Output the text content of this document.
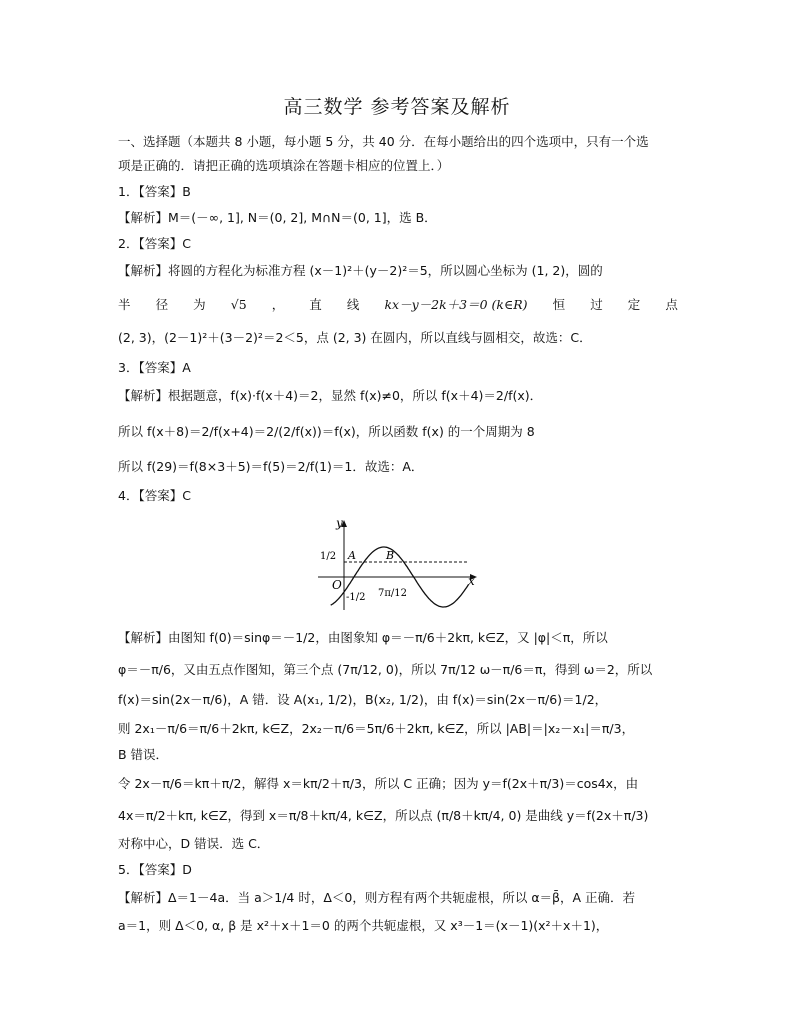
高三数学 参考答案及解析
一、选择题（本题共 8 小题，每小题 5 分，共 40 分．在每小题给出的四个选项中，只有一个选
项是正确的．请把正确的选项填涂在答题卡相应的位置上．）
1．【答案】B
【解析】M＝(－∞, 1], N＝(0, 2], M∩N＝(0, 1]，选 B．
2．【答案】C
【解析】将圆的方程化为标准方程 (x－1)²＋(y－2)²＝5，所以圆心坐标为 (1, 2)，圆的
半 径 为 √5 ， 直 线 kx－y－2k＋3＝0 (k∈R) 恒 过 定 点
(2, 3)，(2－1)²＋(3－2)²＝2＜5，点 (2, 3) 在圆内，所以直线与圆相交，故选：C．
3．【答案】A
【解析】根据题意，f(x)·f(x＋4)＝2，显然 f(x)≠0，所以 f(x＋4)＝2/f(x)．
所以 f(x＋8)＝2/f(x+4)＝2/(2/f(x))＝f(x)，所以函数 f(x) 的一个周期为 8
所以 f(29)＝f(8×3＋5)＝f(5)＝2/f(1)＝1．故选：A．
4．【答案】C
y
x
O
1/2
-1/2 7π/12
A	B
【解析】由图知 f(0)＝sinφ＝－1/2，由图象知 φ＝－π/6＋2kπ, k∈Z，又 |φ|＜π，所以
φ＝－π/6，又由五点作图知，第三个点 (7π/12, 0)，所以 7π/12 ω－π/6＝π，得到 ω＝2，所以
f(x)＝sin(2x－π/6)，A 错．设 A(x₁, 1/2)，B(x₂, 1/2)，由 f(x)＝sin(2x－π/6)＝1/2，
则 2x₁－π/6＝π/6＋2kπ, k∈Z，2x₂－π/6＝5π/6＋2kπ, k∈Z，所以 |AB|＝|x₂－x₁|＝π/3，
B 错误．
令 2x－π/6＝kπ＋π/2，解得 x＝kπ/2＋π/3，所以 C 正确；因为 y＝f(2x＋π/3)＝cos4x，由
4x＝π/2＋kπ, k∈Z，得到 x＝π/8＋kπ/4, k∈Z，所以点 (π/8＋kπ/4, 0) 是曲线 y＝f(2x＋π/3)
对称中心，D 错误．选 C．
5．【答案】D
【解析】Δ＝1－4a．当 a＞1/4 时，Δ＜0，则方程有两个共轭虚根，所以 α＝β̄，A 正确．若
a＝1，则 Δ＜0, α, β 是 x²＋x＋1＝0 的两个共轭虚根，又 x³－1＝(x－1)(x²＋x＋1)，
